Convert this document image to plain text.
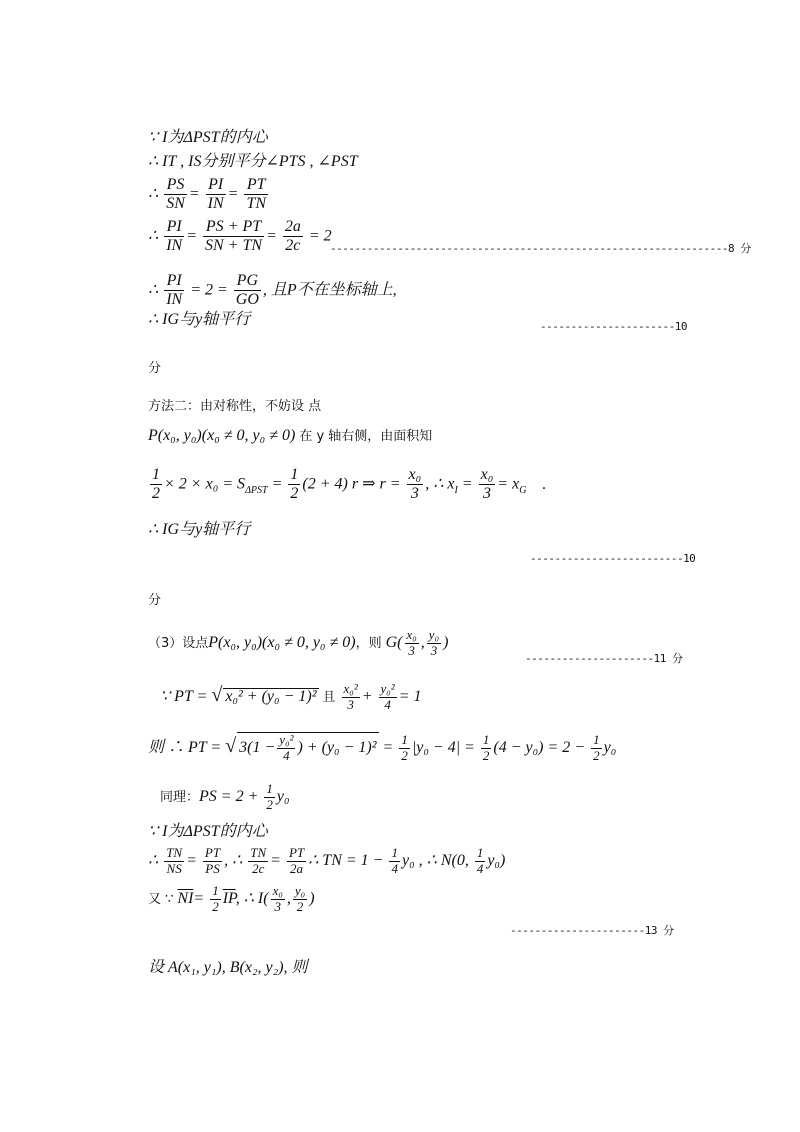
∵ I为ΔPST的内心
∴ IT , IS分别平分∠PTS , ∠PST
∴ $\frac{PS}{SN} = \frac{PI}{IN} = \frac{PT}{TN}$
∴ $\frac{PI}{IN} = \frac{PS + PT}{SN + TN} = \frac{2a}{2c} = 2$
-----------------------------------------------------------------8 分
∴ $\frac{PI}{IN} = 2 = \frac{PG}{GO}$ , 且P不在坐标轴上,
∴ IG与y轴平行	----------------------10
分
方法二：由对称性，不妨设 点
P(x₀, y₀)(x₀ ≠ 0, y₀ ≠ 0) 在 y 轴右侧，由面积知
$\frac{1}{2} \times 2 \times x_0 = S_{\Delta PST} = \frac{1}{2} (2 + 4)$ r ⇒ $r = \frac{\text{x₀}}{3}$ , ∴ $x_I = \frac{\text{x₀}}{3} = x_G$ .
∴ IG与y轴平行
-------------------------10
分
（3）设点P(x₀, y₀)(x₀ ≠ 0, y₀ ≠ 0)，则 $G( \frac{\text{x₀}}{3}$ , $\frac{\text{y₀}}{3}$ )
---------------------11 分
∵ PT = √ x₀² + (y₀ − 1)² 且 $\frac{\text{x₀²}}{3} + \frac{\text{y₀²}}{4} = 1$
则 ∴ PT = √ $3(1 - \frac{\text{y₀²}}{4}$ ) + $(y_0 - 1)^2 = \frac{1}{2} |y_0 - 4| = \frac{1}{2} (4 - y_0) = 2 - \frac{1}{2} y_0$
同理：PS = $2 + \frac{1}{2} y_0$
∵ I为ΔPST的内心
∴ $\frac{TN}{NS} = \frac{PT}{PS}$ , ∴ $\frac{TN}{2c} = \frac{PT}{2a}$ ∴ TN = $1 - \frac{1}{4} y_0$ , ∴ N(0, $\frac{1}{4} y_0$)
又 ∵ $\overline{NI}= \frac{1}{2} \overline{IP}$, ∴ $I( \frac{\text{x₀}}{3}$ , $\frac{\text{y₀}}{2}$ )
----------------------13 分
设 A(x₁, y₁), B(x₂, y₂), 则
